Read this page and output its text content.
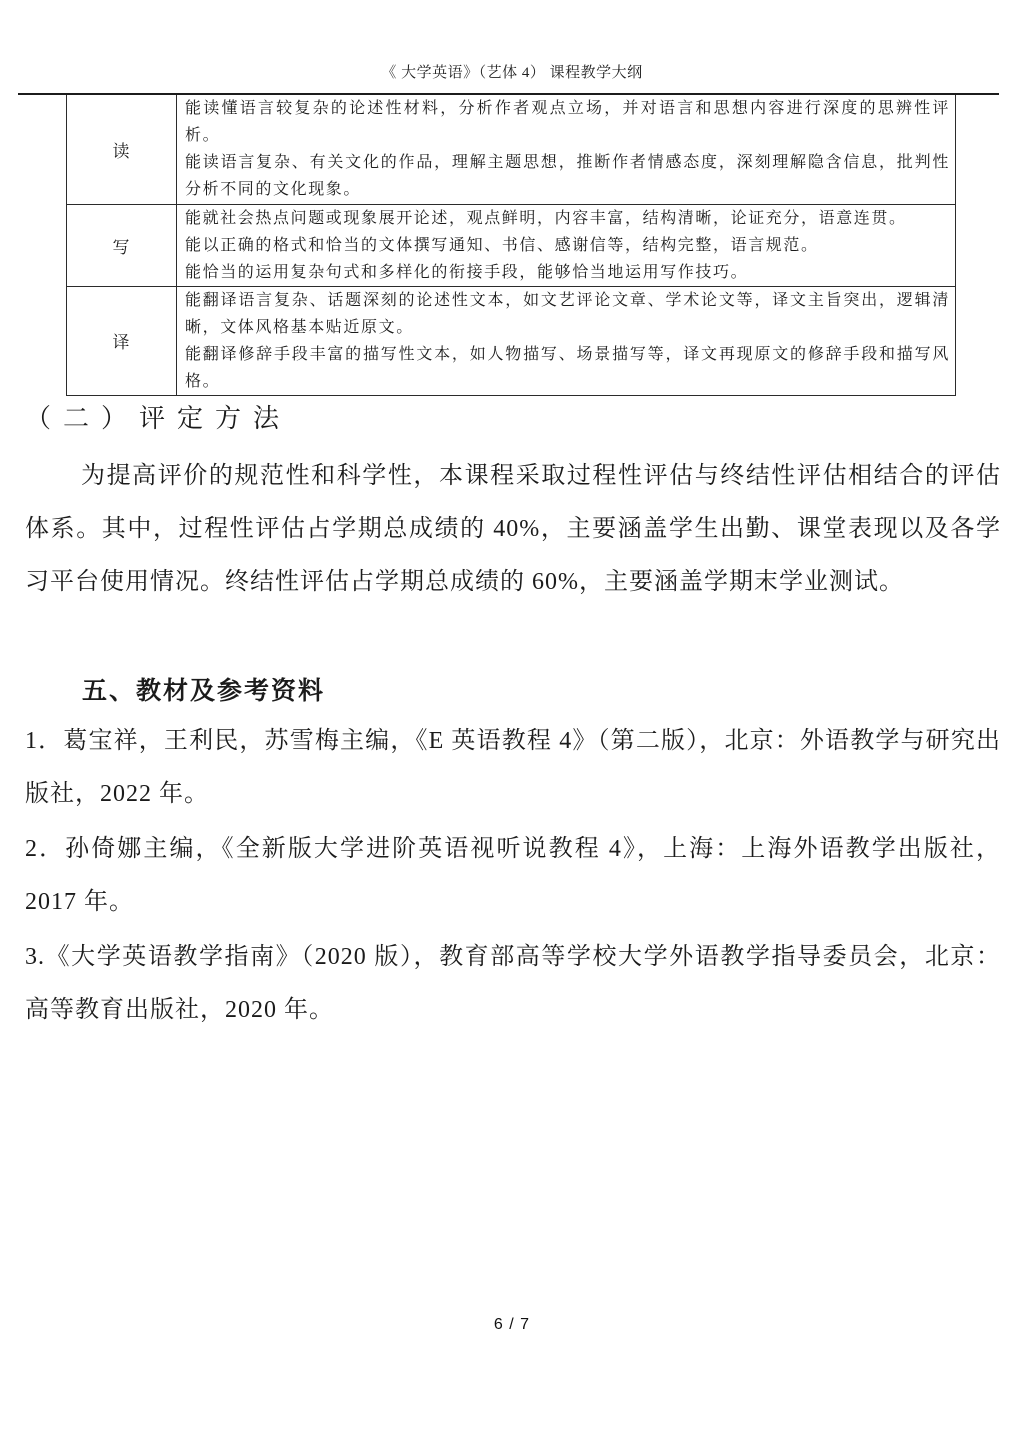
《 大学英语》（艺体 4） 课程教学大纲
读	能读懂语言较复杂的论述性材料，分析作者观点立场，并对语言和思想内容进行深度的思辨性评析。

能读语言复杂、有关文化的作品，理解主题思想，推断作者情感态度，深刻理解隐含信息，批判性分析不同的文化现象。

写	能就社会热点问题或现象展开论述，观点鲜明，内容丰富，结构清晰，论证充分，语意连贯。

能以正确的格式和恰当的文体撰写通知、书信、感谢信等，结构完整，语言规范。

能恰当的运用复杂句式和多样化的衔接手段，能够恰当地运用写作技巧。

译	能翻译语言复杂、话题深刻的论述性文本，如文艺评论文章、学术论文等，译文主旨突出，逻辑清晰，文体风格基本贴近原文。

能翻译修辞手段丰富的描写性文本，如人物描写、场景描写等，译文再现原文的修辞手段和描写风格。

（二）评定方法
为提高评价的规范性和科学性，本课程采取过程性评估与终结性评估相结合的评估体系。其中，过程性评估占学期总成绩的 40%，主要涵盖学生出勤、课堂表现以及各学习平台使用情况。终结性评估占学期总成绩的 60%，主要涵盖学期末学业测试。
五、教材及参考资料
1．葛宝祥，王利民，苏雪梅主编，《E 英语教程 4》（第二版），北京：外语教学与研究出版社，2022 年。
2．孙倚娜主编，《全新版大学进阶英语视听说教程 4》，上海：上海外语教学出版社，2017 年。
3.《大学英语教学指南》（2020 版），教育部高等学校大学外语教学指导委员会，北京：高等教育出版社，2020 年。
6 / 7
